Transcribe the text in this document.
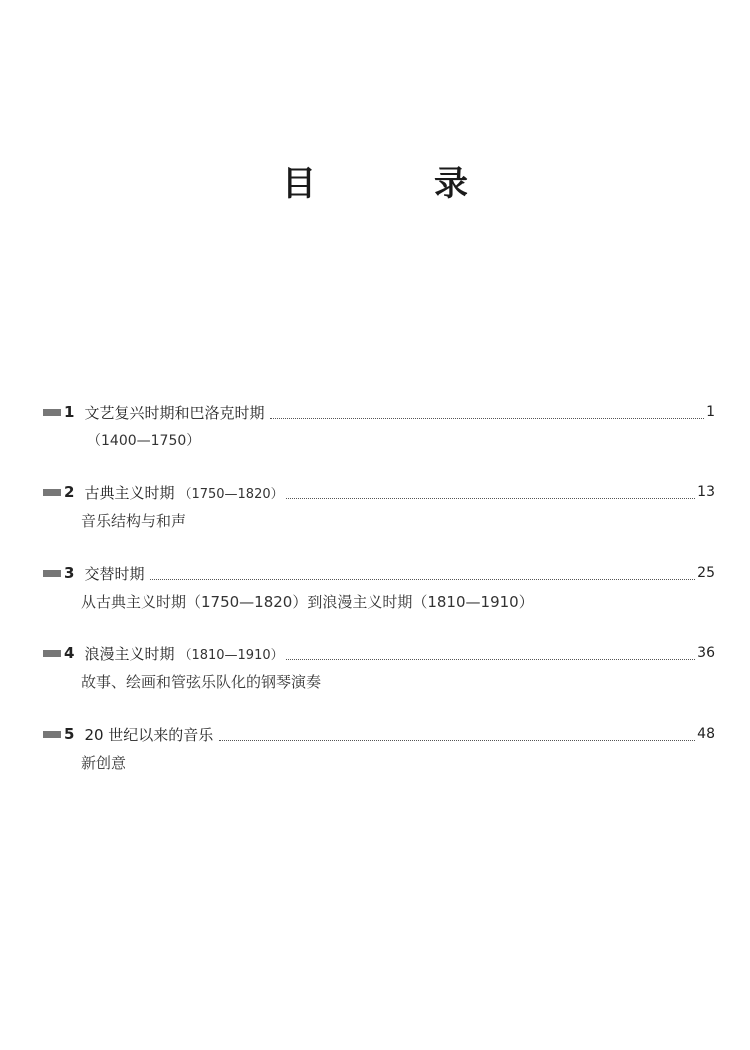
目　录
1 文艺复兴时期和巴洛克时期	1
（1400—1750）
2 古典主义时期 （1750—1820）	13
音乐结构与和声
3 交替时期	25
从古典主义时期（1750—1820）到浪漫主义时期（1810—1910）
4 浪漫主义时期 （1810—1910）	36
故事、绘画和管弦乐队化的钢琴演奏
5 20 世纪以来的音乐	48
新创意
